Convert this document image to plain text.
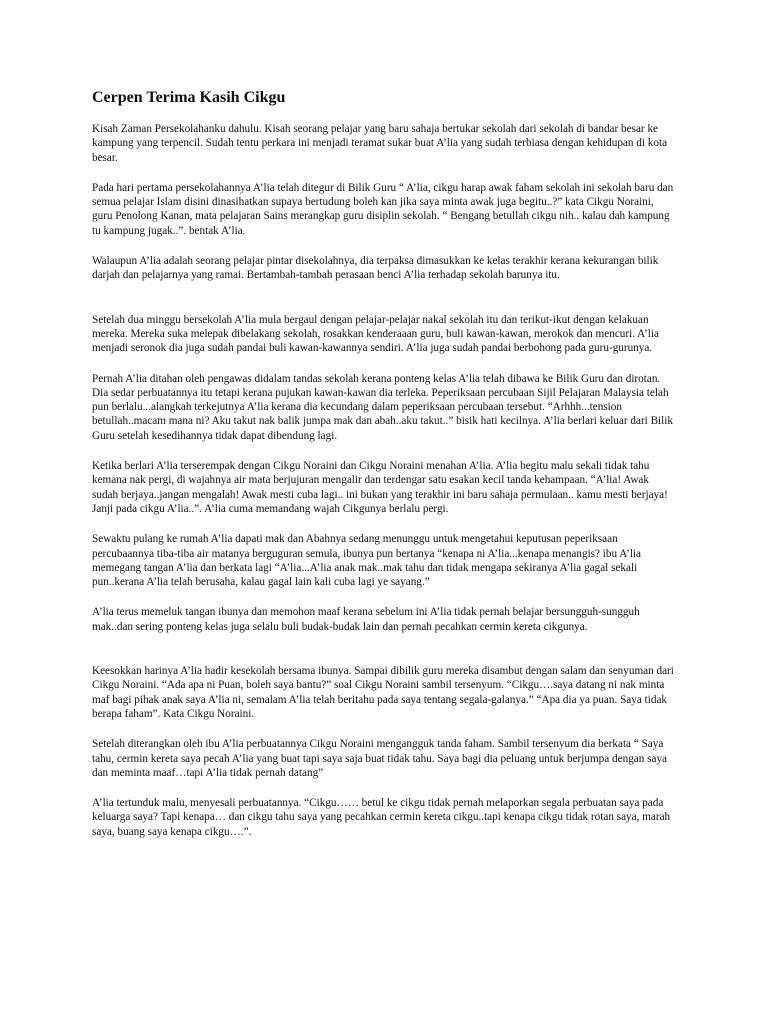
Cerpen Terima Kasih Cikgu

Kisah Zaman Persekolahanku dahulu. Kisah seorang pelajar yang baru sahaja bertukar sekolah dari sekolah di bandar besar ke kampung yang terpencil. Sudah tentu perkara ini menjadi teramat sukar buat A’lia yang sudah terbiasa dengan kehidupan di kota besar.

Pada hari pertama persekolahannya A’lia telah ditegur di Bilik Guru “ A’lia, cikgu harap awak faham sekolah ini sekolah baru dan semua pelajar Islam disini dinasihatkan supaya bertudung boleh kan jika saya minta awak juga begitu..?” kata Cikgu Noraini, guru Penolong Kanan, mata pelajaran Sains merangkap guru disiplin sekolah. “ Bengang betullah cikgu nih.. kalau dah kampung tu kampung jugak..”. bentak A’lia.

Walaupun A’lia adalah seorang pelajar pintar disekolahnya, dia terpaksa dimasukkan ke kelas terakhir kerana kekurangan bilik darjah dan pelajarnya yang ramai. Bertambah-tambah perasaan benci A’lia terhadap sekolah barunya itu.

Setelah dua minggu bersekolah A’lia mula bergaul dengan pelajar-pelajar nakal sekolah itu dan terikut-ikut dengan kelakuan mereka. Mereka suka melepak dibelakang sekolah, rosakkan kenderaaan guru, buli kawan-kawan, merokok dan mencuri. A’lia menjadi seronok dia juga sudah pandai buli kawan-kawannya sendiri. A’lia juga sudah pandai berbohong pada guru-gurunya.

Pernah A’lia ditahan oleh pengawas didalam tandas sekolah kerana ponteng kelas A’lia telah dibawa ke Bilik Guru dan dirotan. Dia sedar perbuatannya itu tetapi kerana pujukan kawan-kawan dia terleka. Peperiksaan percubaan Sijil Pelajaran Malaysia telah pun berlalu...alangkah terkejutnya A’lia kerana dia kecundang dalam peperiksaan percubaan tersebut. “Arhhh...tension betullah..macam mana ni? Aku takut nak balik jumpa mak dan abah..aku takut..” bisik hati kecilnya. A’lia berlari keluar dari Bilik Guru setelah kesedihannya tidak dapat dibendung lagi.

Ketika berlari A’lia terserempak dengan Cikgu Noraini dan Cikgu Noraini menahan A’lia. A’lia begitu malu sekali tidak tahu kemana nak pergi, di wajahnya air mata berjujuran mengalir dan terdengar satu esakan kecil tanda kehampaan. “A’lia! Awak sudah berjaya..jangan mengalah! Awak mesti cuba lagi.. ini bukan yang terakhir ini baru sahaja permulaan.. kamu mesti berjaya! Janji pada cikgu A’lia..”. A’lia cuma memandang wajah Cikgunya berlalu pergi.

Sewaktu pulang ke rumah A’lia dapati mak dan Abahnya sedang menunggu untuk mengetahui keputusan peperiksaan percubaannya tiba-tiba air matanya berguguran semula, ibunya pun bertanya “kenapa ni A’lia...kenapa menangis? ibu A’lia memegang tangan A’lia dan berkata lagi “A’lia...A’lia anak mak..mak tahu dan tidak mengapa sekiranya A’lia gagal sekali pun..kerana A’lia telah berusaha, kalau gagal lain kali cuba lagi ye sayang.”

A’lia terus memeluk tangan ibunya dan memohon maaf kerana sebelum ini A’lia tidak pernah belajar bersungguh-sungguh mak..dan sering ponteng kelas juga selalu buli budak-budak lain dan pernah pecahkan cermin kereta cikgunya.

Keesokkan harinya A’lia hadir kesekolah bersama ibunya. Sampai dibilik guru mereka disambut dengan salam dan senyuman dari Cikgu Noraini. “Ada apa ni Puan, boleh saya bantu?” soal Cikgu Noraini sambil tersenyum. “Cikgu….saya datang ni nak minta maf bagi pihak anak saya A’lia ni, semalam A’lia telah beritahu pada saya tentang segala-galanya.” “Apa dia ya puan. Saya tidak berapa faham”. Kata Cikgu Noraini.

Setelah diterangkan oleh ibu A’lia perbuatannya Cikgu Noraini mengangguk tanda faham. Sambil tersenyum dia berkata “ Saya tahu, cermin kereta saya pecah A’lia yang buat tapi saya saja buat tidak tahu. Saya bagi dia peluang untuk berjumpa dengan saya dan meminta maaf…tapi A’lia tidak pernah datang”

A’lia tertunduk malu, menyesali perbuatannya. “Cikgu…… betul ke cikgu tidak pernah melaporkan segala perbuatan saya pada keluarga saya? Tapi kenapa… dan cikgu tahu saya yang pecahkan cermin kereta cikgu..tapi kenapa cikgu tidak rotan saya, marah saya, buang saya kenapa cikgu….”.
